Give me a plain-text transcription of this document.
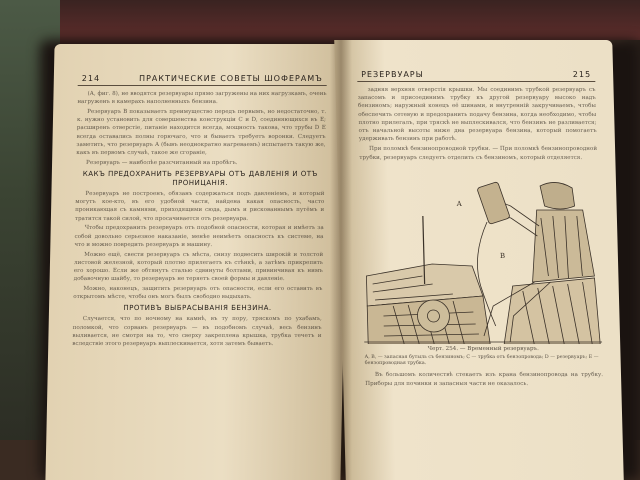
214	ПРАКТИЧЕСКИЕ СОВЕТЫ ШОФЕРАМЪ

(А, фиг. 8), не вводятся резервуары прямо загружены на них нагрузкамъ, очень нагруженъ в камерахъ наполненныхъ бензина.

Резервуаръ В показываетъ преимущество передъ первымъ, но недостаточно, т. к. нужно установить для совершенства конструкціи С и D, соединяющихся въ Е; расширенъ отверстіе, питаніе находится всегда, мощность такова, что трубы D E всегда оставались полны горючаго, что и бываетъ требуетъ воронки. Следуетъ заметить, что резервуаръ А (бывъ неоднократно нагреваемъ) испытаетъ такую же, какъ въ первомъ случаѣ, такое же сгораніе,

Резервуаръ — наиболѣе разсчитанный на пробѣгъ.

КАКЪ ПРЕДОХРАНИТЬ РЕЗЕРВУАРЫ ОТЪ ДАВЛЕНІЯ И ОТЪ ПРОНИЦАНІЯ.

Резервуаръ не построенъ, обязанъ содержаться подъ давленіемъ, и который могутъ кое-кто, въ его удобной части, найдена какая опасность, часто проникающая съ камнями, приходящими сюда, дымъ и рискованнымъ путёмъ и тратится такой силой, что просачивается отъ резервуара.

Чтобы предохранить резервуаръ отъ подобной опасности, которая и имѣетъ за собой довольно серьезное наказаніе, менѣе неимѣетъ опасность къ системе, на что и можно повредить резервуаръ и машину.

Можно ещё, свести резервуаръ съ мѣста, снизу подвесить широкій и толстой листовой железной, который плотно прилегаетъ къ стѣнкѣ, а затѣмъ прикрепить его хорошо. Если же обтянутъ сталью сдвинуты болтами, привинчивая къ нимъ добавочную шайбу, то резервуаръ не теряетъ своей формы и давленіе.

Можно, наконецъ, защитить резервуаръ отъ опасности, если его оставить въ открытомъ мѣсте, чтобы онъ могъ былъ свободно выдыхать.

ПРОТИВЪ ВЫБРАСЫВАНІЯ БЕНЗИНА.

Случается, что по ночному на камнѣ, въ ту пору, тряскомъ по ухабамъ, поломкой, что сорванъ резервуаръ — въ подобномъ случаѣ, весь бензинъ выливается, не смотря на то, что сверху закреплена крышка, трубка течетъ и вследствіе этого резервуаръ выплескивается, хотя затемъ бываетъ.

РЕЗЕРВУАРЫ	215

задняя верхняя отверстія крышки. Мы соединимъ трубкой резервуаръ съ запасомъ и присоединимъ трубку къ другой резервуару высоко надъ бензиномъ; наружный конецъ её шинами, и внутренній закручиваемъ, чтобы обеспечить сетевую и предохранить подачу бензина, когда необходимо, чтобы плотно прилегалъ, при тряскѣ не выплескивался, что бензинъ не разливается; отъ начальной высоты ниже дна резервуара бензина, который помогаетъ удерживать бензинъ при работѣ.

При поломкѣ бензинопроводной трубки. — При поломкѣ бензинопроводной трубки, резервуаръ следуетъ отделить съ бензиномъ, который отделяется.

А
В
Черт. 254. — Временный резервуаръ.
А, В, — запасная бутыль съ бензиномъ; С — трубка отъ бензопровода; D — резервуаръ; Е — бензопроводная трубка.

Въ большомъ количествѣ стекаетъ изъ крана бензинопровода на трубку. Приборы для починки и запасныя части не оказалось.
